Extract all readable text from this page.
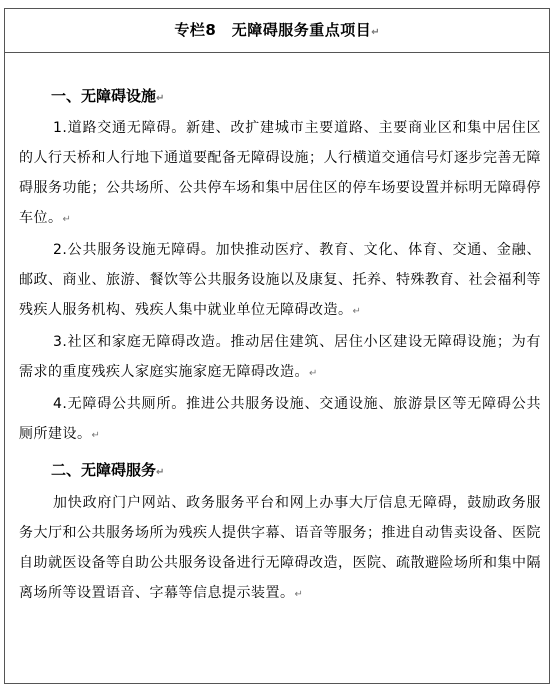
专栏8　无障碍服务重点项目↵
一、无障碍设施↵

1.道路交通无障碍。新建、改扩建城市主要道路、主要商业区和集中居住区的人行天桥和人行地下通道要配备无障碍设施；人行横道交通信号灯逐步完善无障碍服务功能；公共场所、公共停车场和集中居住区的停车场要设置并标明无障碍停车位。↵

2.公共服务设施无障碍。加快推动医疗、教育、文化、体育、交通、金融、邮政、商业、旅游、餐饮等公共服务设施以及康复、托养、特殊教育、社会福利等残疾人服务机构、残疾人集中就业单位无障碍改造。↵

3.社区和家庭无障碍改造。推动居住建筑、居住小区建设无障碍设施；为有需求的重度残疾人家庭实施家庭无障碍改造。↵

4.无障碍公共厕所。推进公共服务设施、交通设施、旅游景区等无障碍公共厕所建设。↵

二、无障碍服务↵

加快政府门户网站、政务服务平台和网上办事大厅信息无障碍，鼓励政务服务大厅和公共服务场所为残疾人提供字幕、语音等服务；推进自动售卖设备、医院自助就医设备等自助公共服务设备进行无障碍改造，医院、疏散避险场所和集中隔离场所等设置语音、字幕等信息提示装置。↵
